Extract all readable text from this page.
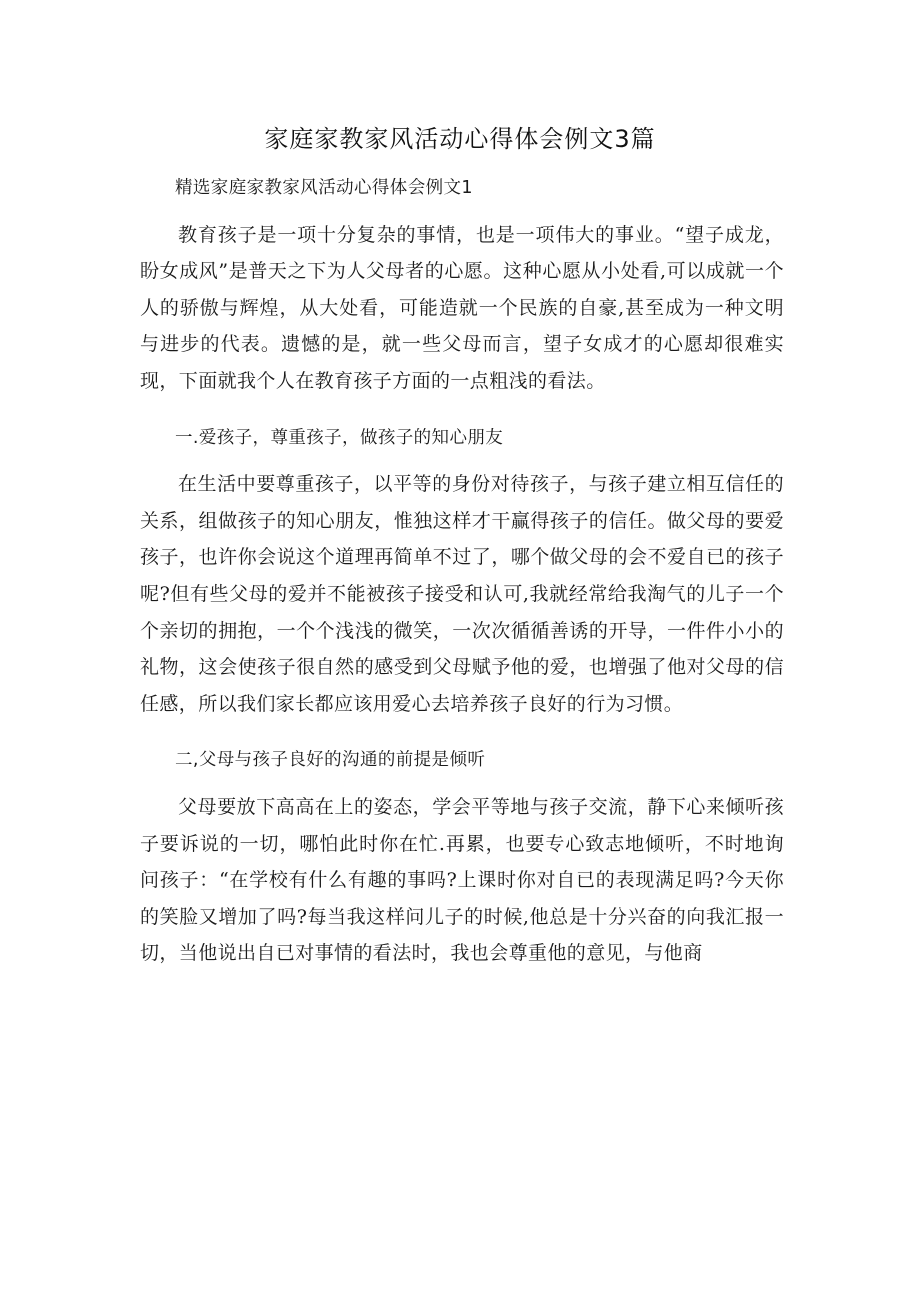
家庭家教家风活动心得体会例文3篇

精选家庭家教家风活动心得体会例文1

教育孩子是一项十分复杂的事情，也是一项伟大的事业。“望子成龙，盼女成风”是普天之下为人父母者的心愿。这种心愿从小处看,可以成就一个人的骄傲与辉煌，从大处看，可能造就一个民族的自豪,甚至成为一种文明与进步的代表。遗憾的是，就一些父母而言，望子女成才的心愿却很难实现，下面就我个人在教育孩子方面的一点粗浅的看法。

一.爱孩子，尊重孩子，做孩子的知心朋友

在生活中要尊重孩子，以平等的身份对待孩子，与孩子建立相互信任的关系，组做孩子的知心朋友，惟独这样才干赢得孩子的信任。做父母的要爱孩子，也许你会说这个道理再简单不过了，哪个做父母的会不爱自已的孩子呢?但有些父母的爱并不能被孩子接受和认可,我就经常给我淘气的儿子一个个亲切的拥抱，一个个浅浅的微笑，一次次循循善诱的开导，一件件小小的礼物，这会使孩子很自然的感受到父母赋予他的爱，也增强了他对父母的信任感，所以我们家长都应该用爱心去培养孩子良好的行为习惯。

二,父母与孩子良好的沟通的前提是倾听

父母要放下高高在上的姿态，学会平等地与孩子交流，静下心来倾听孩子要诉说的一切，哪怕此时你在忙.再累，也要专心致志地倾听，不时地询问孩子：“在学校有什么有趣的事吗?上课时你对自已的表现满足吗?今天你的笑脸又增加了吗?每当我这样问儿子的时候,他总是十分兴奋的向我汇报一切，当他说出自已对事情的看法时，我也会尊重他的意见，与他商
